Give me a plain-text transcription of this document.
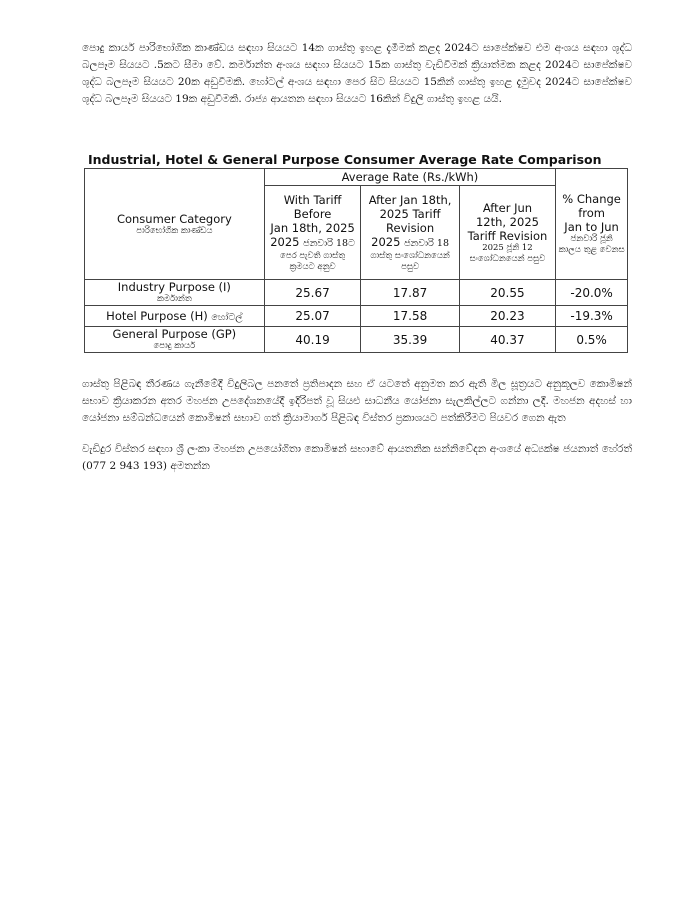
පොදු කාර්ය පාරිභෝගික කාණ්ඩය සඳහා සියයට 14ක ගාස්තු ඉහළ දැමීමක් කළද 2024ට සාපේක්ෂව එම අංශය සඳහා ශුද්ධ බලපෑම සියයට .5කට සීමා වේ. කර්මාන්ත අංශය සඳහා සියයට 15ක ගාස්තු වැඩිවීමක් ක්‍රියාත්මක කළද 2024ට සාපේක්ෂව ශුද්ධ බලපෑම සියයට 20ක අඩුවීමකි. හෝටල් අංශය සඳහා පෙර සිට සියයට 15කින් ගාස්තු ඉහළ දැමුවද 2024ට සාපේක්ෂව ශුද්ධ බලපෑම සියයට 19ක අඩුවීමකි. රාජ්‍ය ආයතන සඳහා සියයට 16කින් විදුලි ගාස්තු ඉහළ යයි.

Industrial, Hotel & General Purpose Consumer Average Rate Comparison
Consumer Category
පාරිභෝගික කාණ්ඩය	Average Rate (Rs./kWh)			% Change
from
Jan to Jun
ජනවාරි ජූනි කාලය තුළ වෙනස

	With Tariff
Before
Jan 18th, 2025
2025 ජනවාරි 18ට
පෙර පැවති ගාස්තු ක්‍රමයට අනුව	After Jan 18th,
2025 Tariff
Revision
2025 ජනවාරි 18
ගාස්තු සංශෝධනයෙන් පසුව	After Jun
12th, 2025
Tariff Revision
2025 ජූනි 12
සංශෝධනයෙන් පසුව	

Industry Purpose (I)
කර්මාන්ත	25.67	17.87	20.55	-20.0%
Hotel Purpose (H) හෝටල්	25.07	17.58	20.23	-19.3%

General Purpose (GP)
පොදු කාර්ය	40.19	35.39	40.37	0.5%

ගාස්තු පිළිබඳ තීරණය ගැනීමේදී විදුලිබල පනතේ ප්‍රතිපාදන සහ ඒ යටතේ අනුමත කර ඇති මිල සූත්‍රයට අනුකූලව කොමිෂන් සභාව ක්‍රියාකරන අතර මහජන උපදේශනයේදී ඉදිරිපත් වූ සියළු සාධනීය යෝජනා සැලකිල්ලට ගන්නා ලදී. මහජන අදහස් හා යෝජනා සම්බන්ධයෙන් කොමිෂන් සභාව ගත් ක්‍රියාමාර්ග පිළිබඳ විස්තර ප්‍රකාශයට පත්කිරීමට පියවර ගෙන ඇත

වැඩිදුර විස්තර සඳහා ශ්‍රී ලංකා මහජන උපයෝගිතා කොමිෂන් සභාවේ ආයතනික සන්නිවේදන අංශයේ අධ්‍යක්ෂ ජයනාත් හේරත් (077 2 943 193) අමතන්න
